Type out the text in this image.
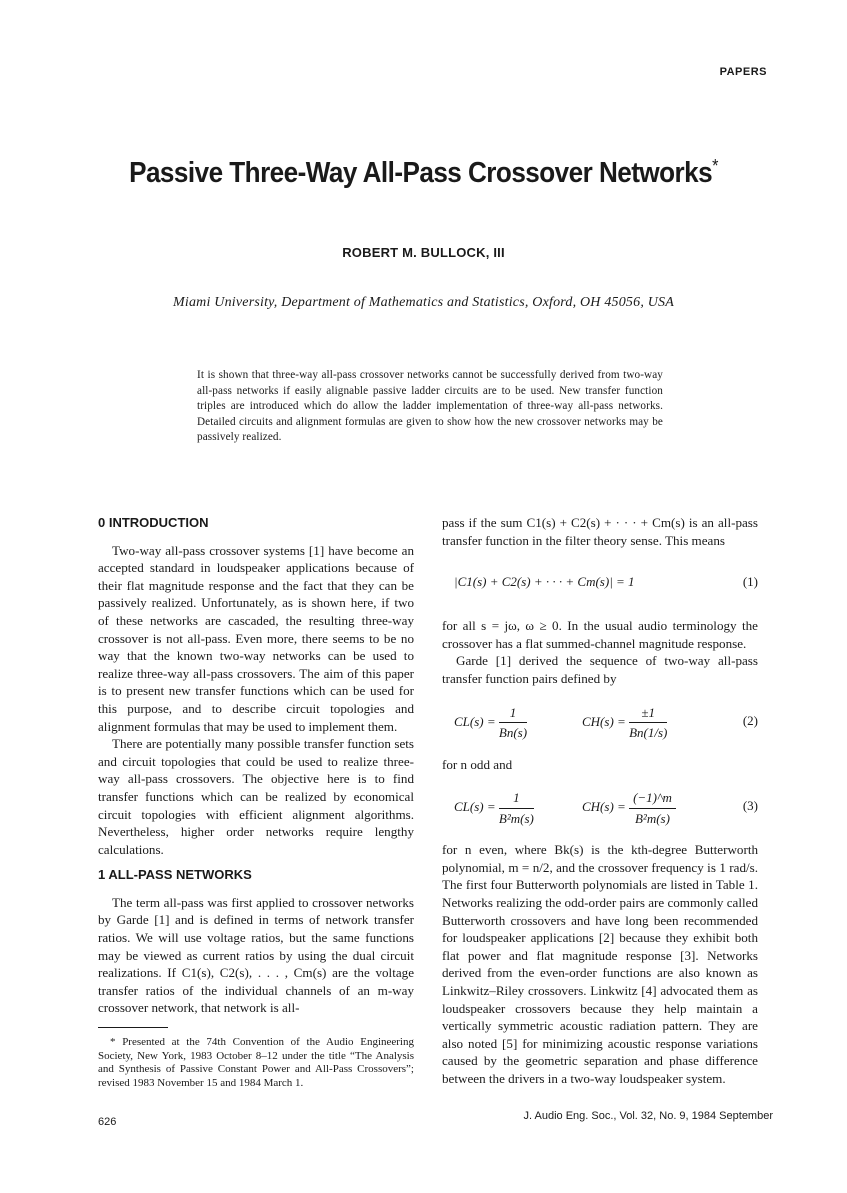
PAPERS
Passive Three-Way All-Pass Crossover Networks*
ROBERT M. BULLOCK, III
Miami University, Department of Mathematics and Statistics, Oxford, OH 45056, USA
It is shown that three-way all-pass crossover networks cannot be successfully derived from two-way all-pass networks if easily alignable passive ladder circuits are to be used. New transfer function triples are introduced which do allow the ladder implementation of three-way all-pass networks. Detailed circuits and alignment formulas are given to show how the new crossover networks may be passively realized.
0 INTRODUCTION

Two-way all-pass crossover systems [1] have become an accepted standard in loudspeaker applications because of their flat magnitude response and the fact that they can be passively realized. Unfortunately, as is shown here, if two of these networks are cascaded, the resulting three-way crossover is not all-pass. Even more, there seems to be no way that the known two-way networks can be used to realize three-way all-pass crossovers. The aim of this paper is to present new transfer functions which can be used for this purpose, and to describe circuit topologies and alignment formulas that may be used to implement them.

There are potentially many possible transfer function sets and circuit topologies that could be used to realize three-way all-pass crossovers. The objective here is to find transfer functions which can be realized by economical circuit topologies with efficient alignment algorithms. Nevertheless, higher order networks require lengthy calculations.

1 ALL-PASS NETWORKS

The term all-pass was first applied to crossover networks by Garde [1] and is defined in terms of network transfer ratios. We will use voltage ratios, but the same functions may be viewed as current ratios by using the dual circuit realizations. If C1(s), C2(s), . . . , Cm(s) are the voltage transfer ratios of the individual channels of an m-way crossover network, that network is all-

* Presented at the 74th Convention of the Audio Engineering Society, New York, 1983 October 8–12 under the title “The Analysis and Synthesis of Passive Constant Power and All-Pass Crossovers”; revised 1983 November 15 and 1984 March 1.

pass if the sum C1(s) + C2(s) + · · · + Cm(s) is an all-pass transfer function in the filter theory sense. This means

|C1(s) + C2(s) + · · · + Cm(s)| = 1	(1)

for all s = jω, ω ≥ 0. In the usual audio terminology the crossover has a flat summed-channel magnitude response.

Garde [1] derived the sequence of two-way all-pass transfer function pairs defined by

$CL(s) = \frac{1}{Bn(s)}$	$CH(s) = \frac{\pm 1}{Bn(1/s)}$	(2)

for n odd and

$CL(s) = \frac{1}{\text{B²m(s)}}$	$CH(s) = \frac{(-1)\^{}m}{\text{B²m(s)}}$	(3)

for n even, where Bk(s) is the kth-degree Butterworth polynomial, m = n/2, and the crossover frequency is 1 rad/s. The first four Butterworth polynomials are listed in Table 1. Networks realizing the odd-order pairs are commonly called Butterworth crossovers and have long been recommended for loudspeaker applications [2] because they exhibit both flat power and flat magnitude response [3]. Networks derived from the even-order functions are also known as Linkwitz–Riley crossovers. Linkwitz [4] advocated them as loudspeaker crossovers because they help maintain a vertically symmetric acoustic radiation pattern. They are also noted [5] for minimizing acoustic response variations caused by the geometric separation and phase difference between the drivers in a two-way loudspeaker system.

626	J. Audio Eng. Soc., Vol. 32, No. 9, 1984 September
